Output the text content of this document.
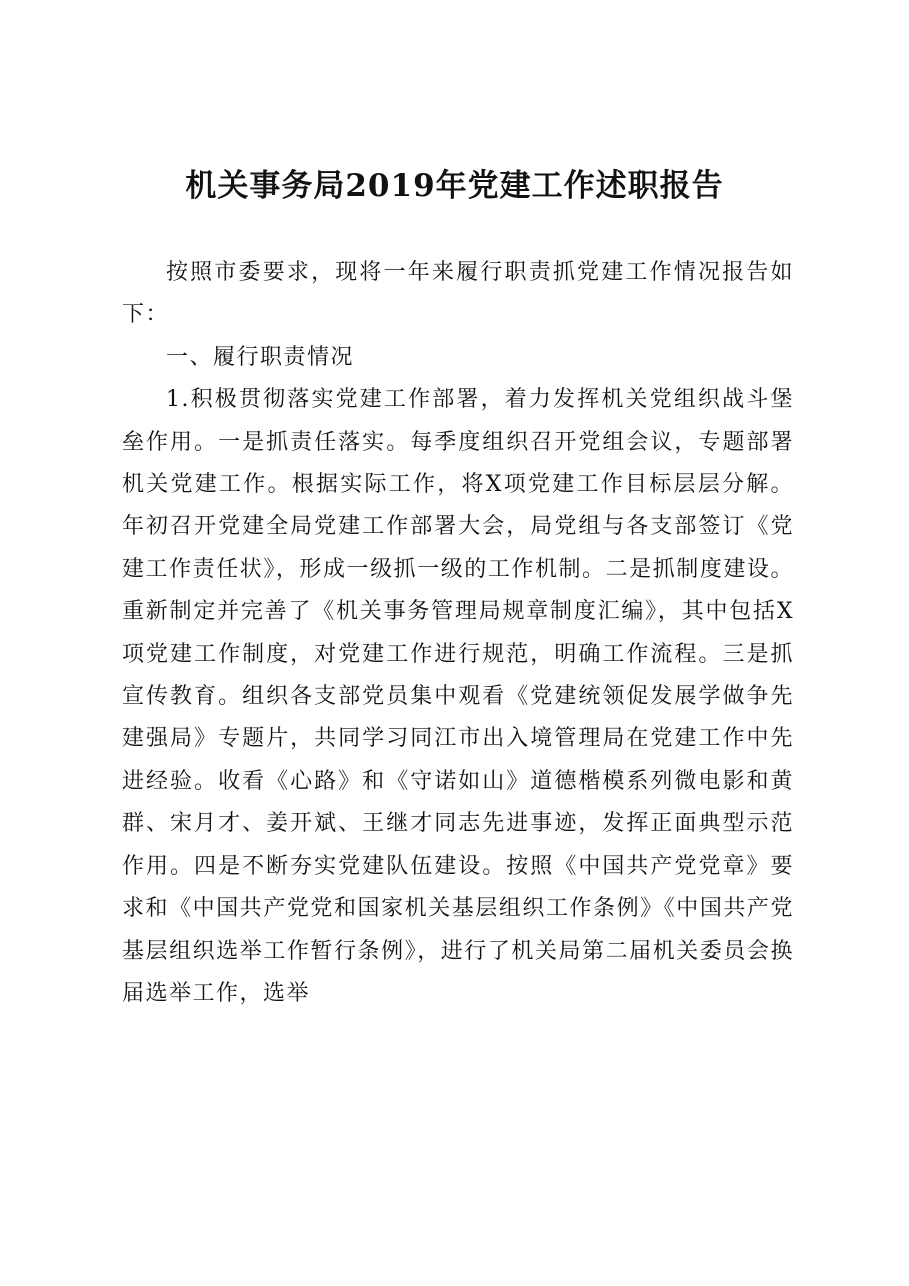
机关事务局2019年党建工作述职报告

按照市委要求，现将一年来履行职责抓党建工作情况报告如下：

一、履行职责情况

1.积极贯彻落实党建工作部署，着力发挥机关党组织战斗堡垒作用。一是抓责任落实。每季度组织召开党组会议，专题部署机关党建工作。根据实际工作，将X项党建工作目标层层分解。年初召开党建全局党建工作部署大会，局党组与各支部签订《党建工作责任状》，形成一级抓一级的工作机制。二是抓制度建设。重新制定并完善了《机关事务管理局规章制度汇编》，其中包括X项党建工作制度，对党建工作进行规范，明确工作流程。三是抓宣传教育。组织各支部党员集中观看《党建统领促发展学做争先建强局》专题片，共同学习同江市出入境管理局在党建工作中先进经验。收看《心路》和《守诺如山》道德楷模系列微电影和黄群、宋月才、姜开斌、王继才同志先进事迹，发挥正面典型示范作用。四是不断夯实党建队伍建设。按照《中国共产党党章》要求和《中国共产党党和国家机关基层组织工作条例》《中国共产党基层组织选举工作暂行条例》，进行了机关局第二届机关委员会换届选举工作，选举
